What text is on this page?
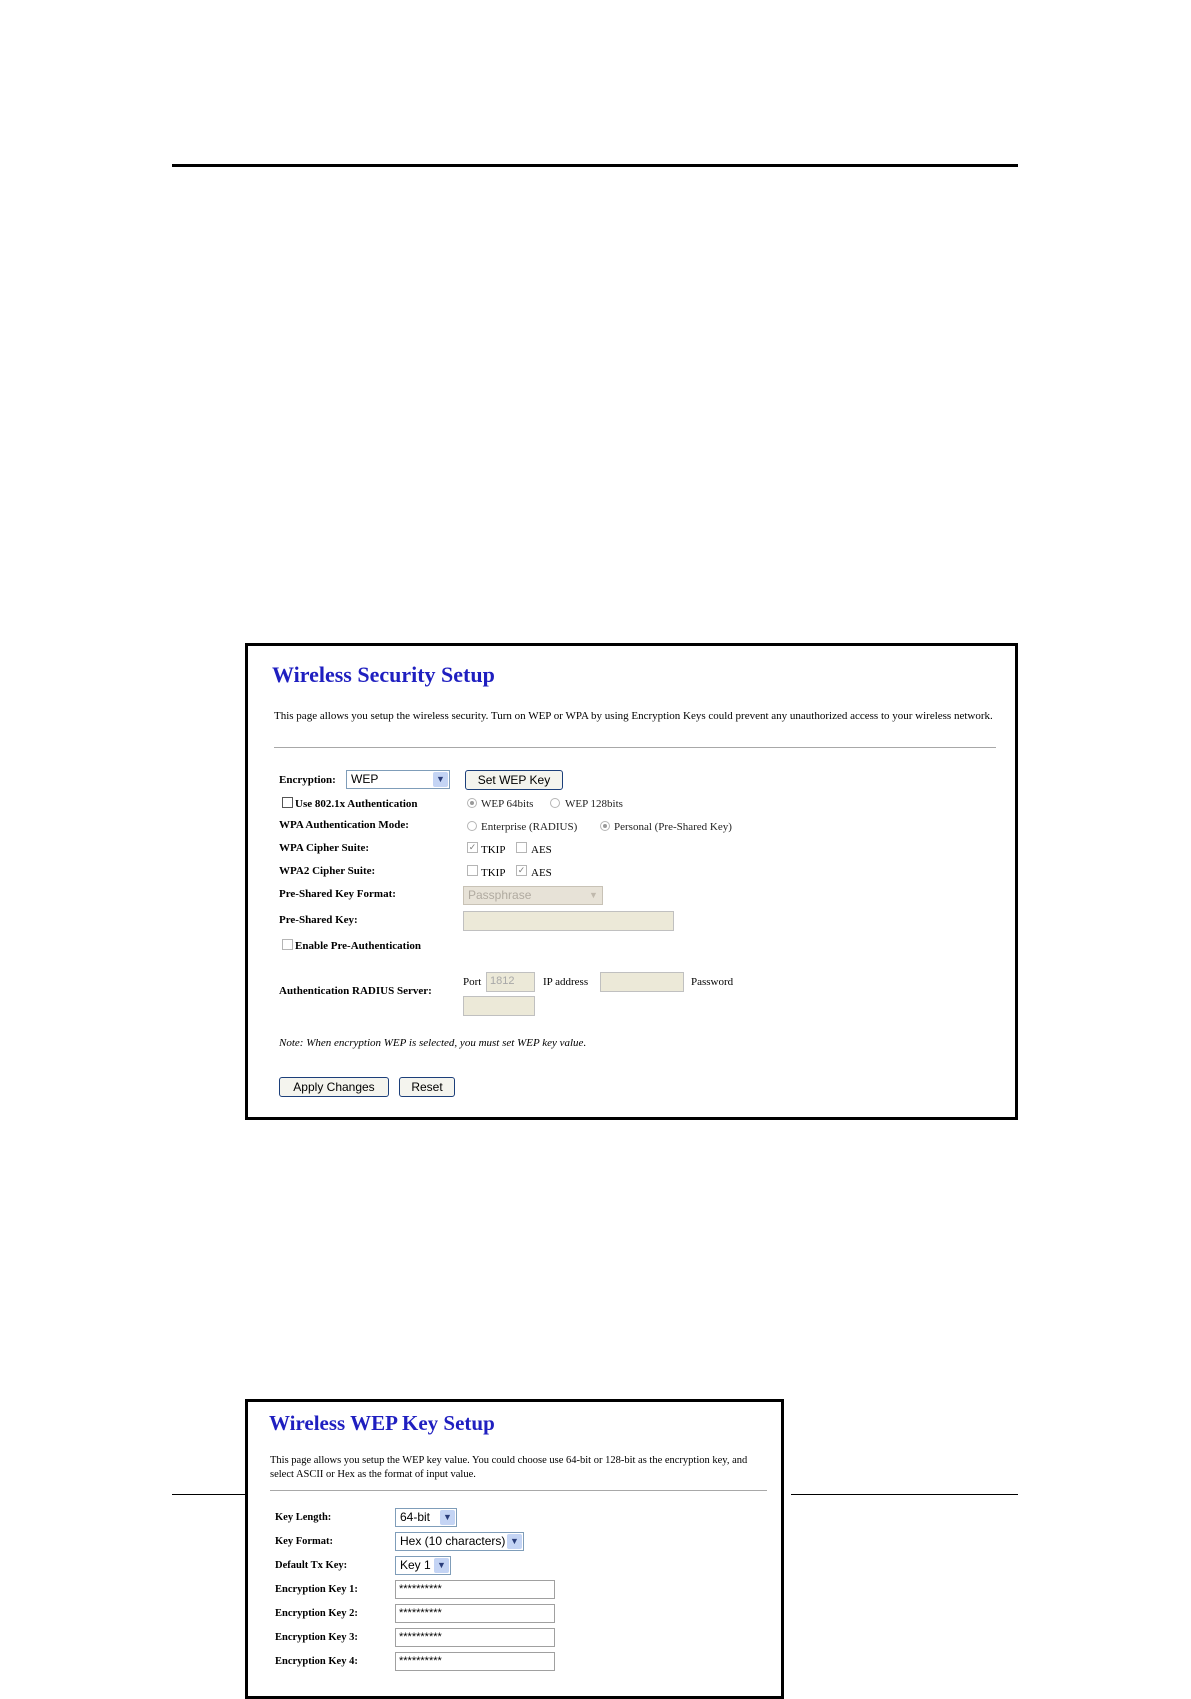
Wireless Security Setup

This page allows you setup the wireless security. Turn on WEP or WPA by using Encryption Keys could prevent any unauthorized access to your wireless network.

Encryption:	WEP	▼	Set WEP Key
Use 802.1x Authentication	WEP 64bits	WEP 128bits
WPA Authentication Mode:	Enterprise (RADIUS)	Personal (Pre-Shared Key)
WPA Cipher Suite:	✓ TKIP AES
WPA2 Cipher Suite:	TKIP ✓ AES
Pre-Shared Key Format:	Passphrase	▼
Pre-Shared Key:
Enable Pre-Authentication
Authentication RADIUS Server:
Port 1812	IP address	Password
Note: When encryption WEP is selected, you must set WEP key value.
Apply Changes	Reset
Wireless WEP Key Setup

This page allows you setup the WEP key value. You could choose use 64-bit or 128-bit as the encryption key, and select ASCII or Hex as the format of input value.

Key Length:	64-bit	▼
Key Format:	Hex (10 characters) ▼
Default Tx Key:	Key 1 ▼
Encryption Key 1:	**********
Encryption Key 2:	**********
Encryption Key 3:	**********
Encryption Key 4:	**********
